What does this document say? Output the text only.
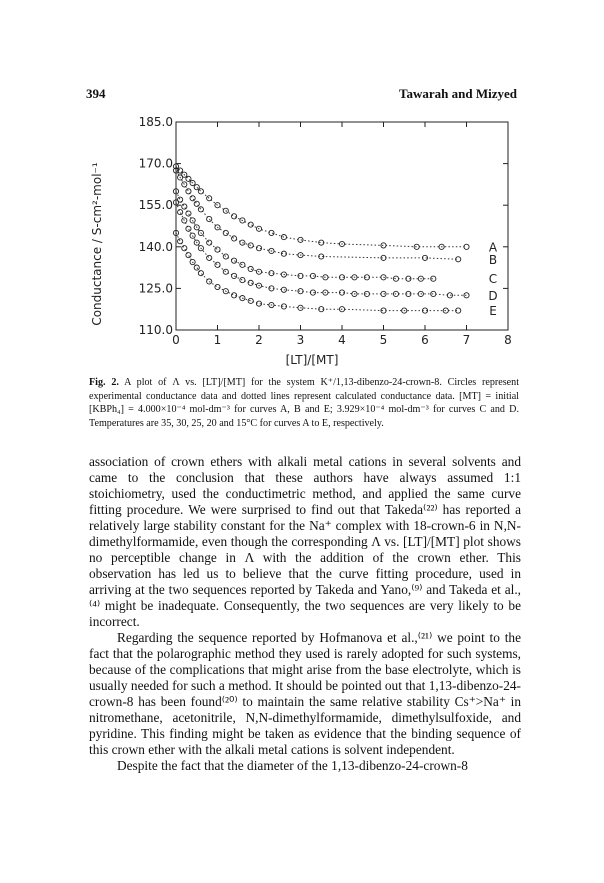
394	Tawarah and Mizyed
0	1	2	3	4	5	6	7	8
110.0
125.0
140.0
155.0
170.0
185.0
A
B
C
D
E
[LT]/[MT]
Conductance / S-cm²-mol⁻¹
Fig. 2. A plot of Λ vs. [LT]/[MT] for the system K⁺/1,13-dibenzo-24-crown-8. Circles represent experimental conductance data and dotted lines represent calculated conductance data. [MT] = initial [KBPh₄] = 4.000×10⁻⁴ mol-dm⁻³ for curves A, B and E; 3.929×10⁻⁴ mol-dm⁻³ for curves C and D. Temperatures are 35, 30, 25, 20 and 15°C for curves A to E, respectively.

association of crown ethers with alkali metal cations in several solvents and came to the conclusion that these authors have always assumed 1:1 stoichiometry, used the conductimetric method, and applied the same curve fitting procedure. We were surprised to find out that Takeda⁽²²⁾ has reported a relatively large stability constant for the Na⁺ complex with 18-crown-6 in N,N-dimethylformamide, even though the corresponding Λ vs. [LT]/[MT] plot shows no perceptible change in Λ with the addition of the crown ether. This observation has led us to believe that the curve fitting procedure, used in arriving at the two sequences reported by Takeda and Yano,⁽⁹⁾ and Takeda et al.,⁽⁴⁾ might be inadequate. Consequently, the two sequences are very likely to be incorrect.

Regarding the sequence reported by Hofmanova et al.,⁽²¹⁾ we point to the fact that the polarographic method they used is rarely adopted for such systems, because of the complications that might arise from the base electrolyte, which is usually needed for such a method. It should be pointed out that 1,13-dibenzo-24-crown-8 has been found⁽²⁰⁾ to maintain the same relative stability Cs⁺>Na⁺ in nitromethane, acetonitrile, N,N-dimethylformamide, dimethylsulfoxide, and pyridine. This finding might be taken as evidence that the binding sequence of this crown ether with the alkali metal cations is solvent independent.

Despite the fact that the diameter of the 1,13-dibenzo-24-crown-8
